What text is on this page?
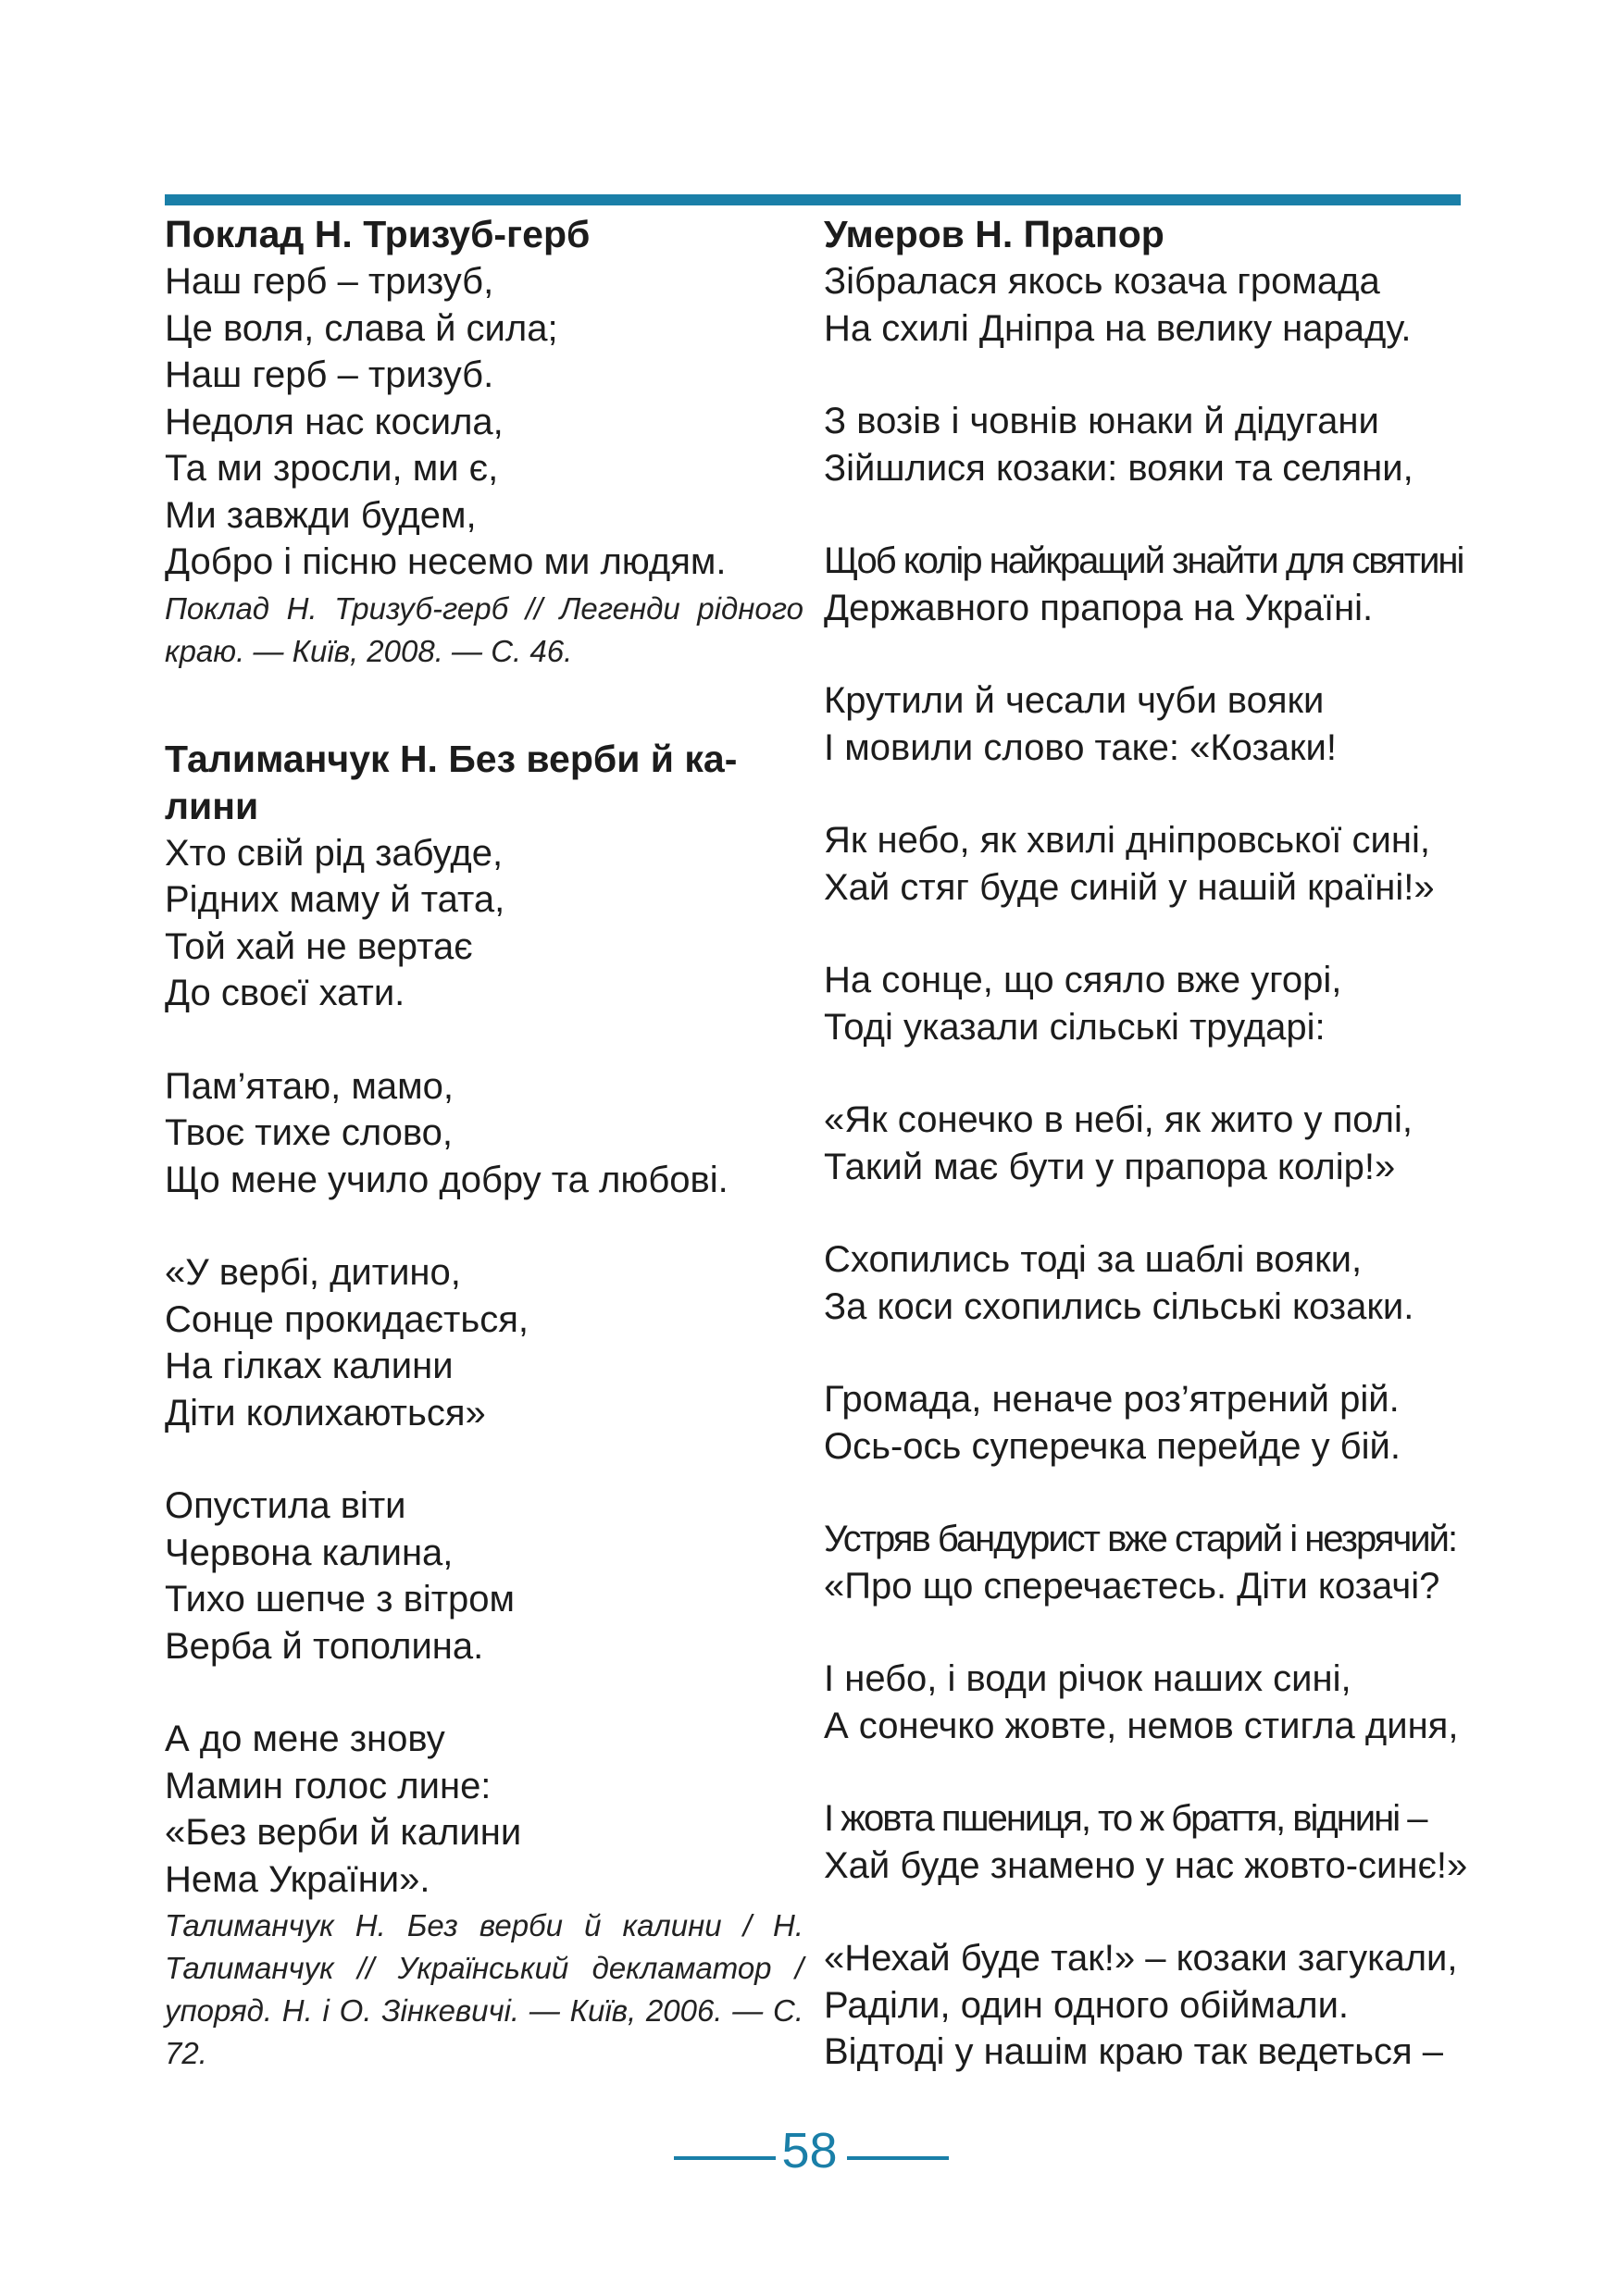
Поклад Н. Тризуб-герб

Наш герб – тризуб,

Це воля, слава й сила;

Наш герб – тризуб.

Недоля нас косила,

Та ми зросли, ми є,

Ми завжди будем,

Добро і пісню несемо ми людям.

Поклад Н. Тризуб-герб // Легенди рідного краю. — Київ, 2008. — С. 46.

Талиманчук Н. Без верби й ка-

лини

Хто свій рід забуде,

Рідних маму й тата,

Той хай не вертає

До своєї хати.

Пам’ятаю, мамо,

Твоє тихе слово,

Що мене учило добру та любові.

«У вербі, дитино,

Сонце прокидається,

На гілках калини

Діти колихаються»

Опустила віти

Червона калина,

Тихо шепче з вітром

Верба й тополина.

А до мене знову

Мамин голос лине:

«Без верби й калини

Нема України».

Талиманчук Н. Без верби й калини / Н. Талиманчук // Український декламатор / упоряд. Н. і О. Зінкевичі. — Київ, 2006. — С. 72.

Умеров Н. Прапор

Зібралася якось козача громада

На схилі Дніпра на велику нараду.

З возів і човнів юнаки й дідугани

Зійшлися козаки: вояки та селяни,

Щоб колір найкращий знайти для святині

Державного прапора на Україні.

Крутили й чесали чуби вояки

І мовили слово таке: «Козаки!

Як небо, як хвилі дніпровської сині,

Хай стяг буде синій у нашій країні!»

На сонце, що сяяло вже угорі,

Тоді указали сільські трударі:

«Як сонечко в небі, як жито у полі,

Такий має бути у прапора колір!»

Схопились тоді за шаблі вояки,

За коси схопились сільські козаки.

Громада, неначе роз’ятрений рій.

Ось-ось суперечка перейде у бій.

Устряв бандурист вже старий і незрячий:

«Про що сперечаєтесь. Діти козачі?

І небо, і води річок наших сині,

А сонечко жовте, немов стигла диня,

І жовта пшениця, то ж браття, віднині –

Хай буде знамено у нас жовто-синє!»

«Нехай буде так!» – козаки загукали,

Раділи, один одного обіймали.

Відтоді у нашім краю так ведеться –

58
